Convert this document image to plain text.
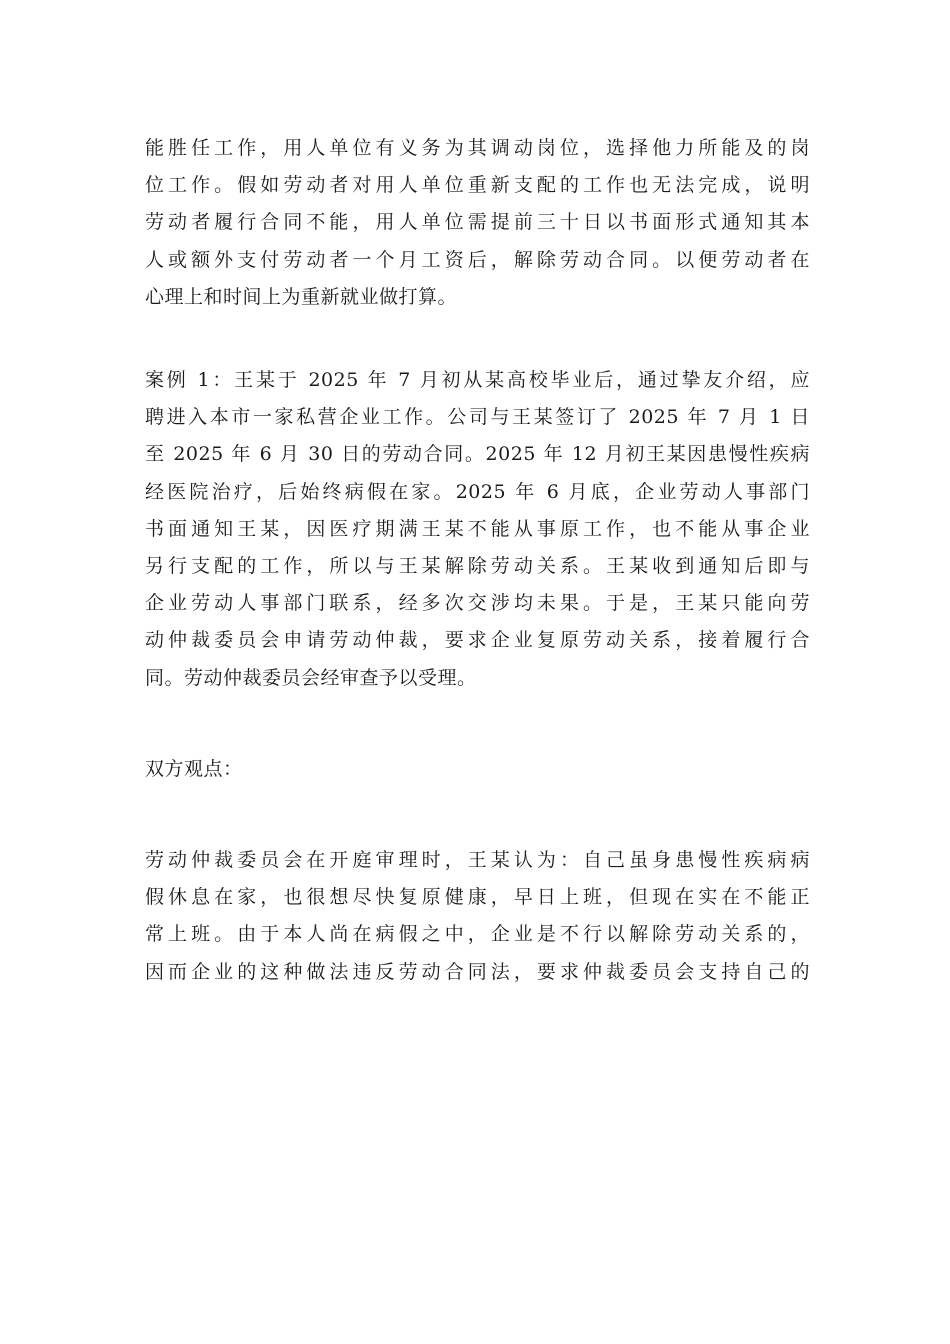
能胜任工作，用人单位有义务为其调动岗位，选择他力所能及的岗
位工作。假如劳动者对用人单位重新支配的工作也无法完成，说明
劳动者履行合同不能，用人单位需提前三十日以书面形式通知其本
人或额外支付劳动者一个月工资后，解除劳动合同。以便劳动者在
心理上和时间上为重新就业做打算。

案例 1：王某于 2025 年 7 月初从某高校毕业后，通过挚友介绍，应
聘进入本市一家私营企业工作。公司与王某签订了 2025 年 7 月 1 日
至 2025 年 6 月 30 日的劳动合同。2025 年 12 月初王某因患慢性疾病
经医院治疗，后始终病假在家。2025 年 6 月底，企业劳动人事部门
书面通知王某，因医疗期满王某不能从事原工作，也不能从事企业
另行支配的工作，所以与王某解除劳动关系。王某收到通知后即与
企业劳动人事部门联系，经多次交涉均未果。于是，王某只能向劳
动仲裁委员会申请劳动仲裁，要求企业复原劳动关系，接着履行合
同。劳动仲裁委员会经审查予以受理。

双方观点：

劳动仲裁委员会在开庭审理时，王某认为：自己虽身患慢性疾病病
假休息在家，也很想尽快复原健康，早日上班，但现在实在不能正
常上班。由于本人尚在病假之中，企业是不行以解除劳动关系的，
因而企业的这种做法违反劳动合同法，要求仲裁委员会支持自己的
